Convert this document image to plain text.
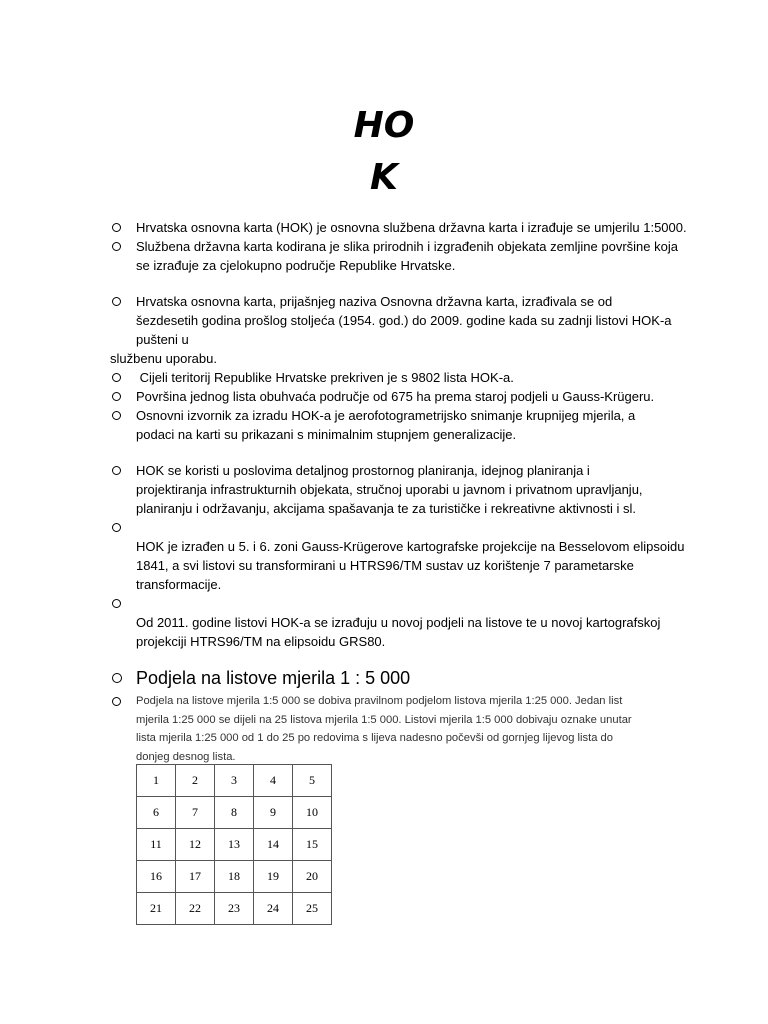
HO
K
Hrvatska osnovna karta (HOK) je osnovna službena državna karta i izrađuje se umjerilu 1:5000.
Službena državna karta kodirana je slika prirodnih i izgrađenih objekata zemljine površine koja
se izrađuje za cjelokupno područje Republike Hrvatske.
Hrvatska osnovna karta, prijašnjeg naziva Osnovna državna karta, izrađivala se od
šezdesetih godina prošlog stoljeća (1954. god.) do 2009. godine kada su zadnji listovi HOK-a
pušteni u
službenu uporabu.
Cijeli teritorij Republike Hrvatske prekriven je s 9802 lista HOK-a.
Površina jednog lista obuhvaća područje od 675 ha prema staroj podjeli u Gauss-Krügeru.
Osnovni izvornik za izradu HOK-a je aerofotogrametrijsko snimanje krupnijeg mjerila, a
podaci na karti su prikazani s minimalnim stupnjem generalizacije.
HOK se koristi u poslovima detaljnog prostornog planiranja, idejnog planiranja i
projektiranja infrastrukturnih objekata, stručnoj uporabi u javnom i privatnom upravljanju,
planiranju i održavanju, akcijama spašavanja te za turističke i rekreativne aktivnosti i sl.
HOK je izrađen u 5. i 6. zoni Gauss-Krügerove kartografske projekcije na Besselovom elipsoidu
1841, a svi listovi su transformirani u HTRS96/TM sustav uz korištenje 7 parametarske
transformacije.
Od 2011. godine listovi HOK-a se izrađuju u novoj podjeli na listove te u novoj kartografskoj
projekciji HTRS96/TM na elipsoidu GRS80.
Podjela na listove mjerila 1 : 5 000
Podjela na listove mjerila 1:5 000 se dobiva pravilnom podjelom listova mjerila 1:25 000. Jedan list
mjerila 1:25 000 se dijeli na 25 listova mjerila 1:5 000. Listovi mjerila 1:5 000 dobivaju oznake unutar
lista mjerila 1:25 000 od 1 do 25 po redovima s lijeva nadesno počevši od gornjeg lijevog lista do
donjeg desnog lista.
1	2	3	4	5
6	7	8	9	10
11	12	13	14	15
16	17	18	19	20
21	22	23	24	25
